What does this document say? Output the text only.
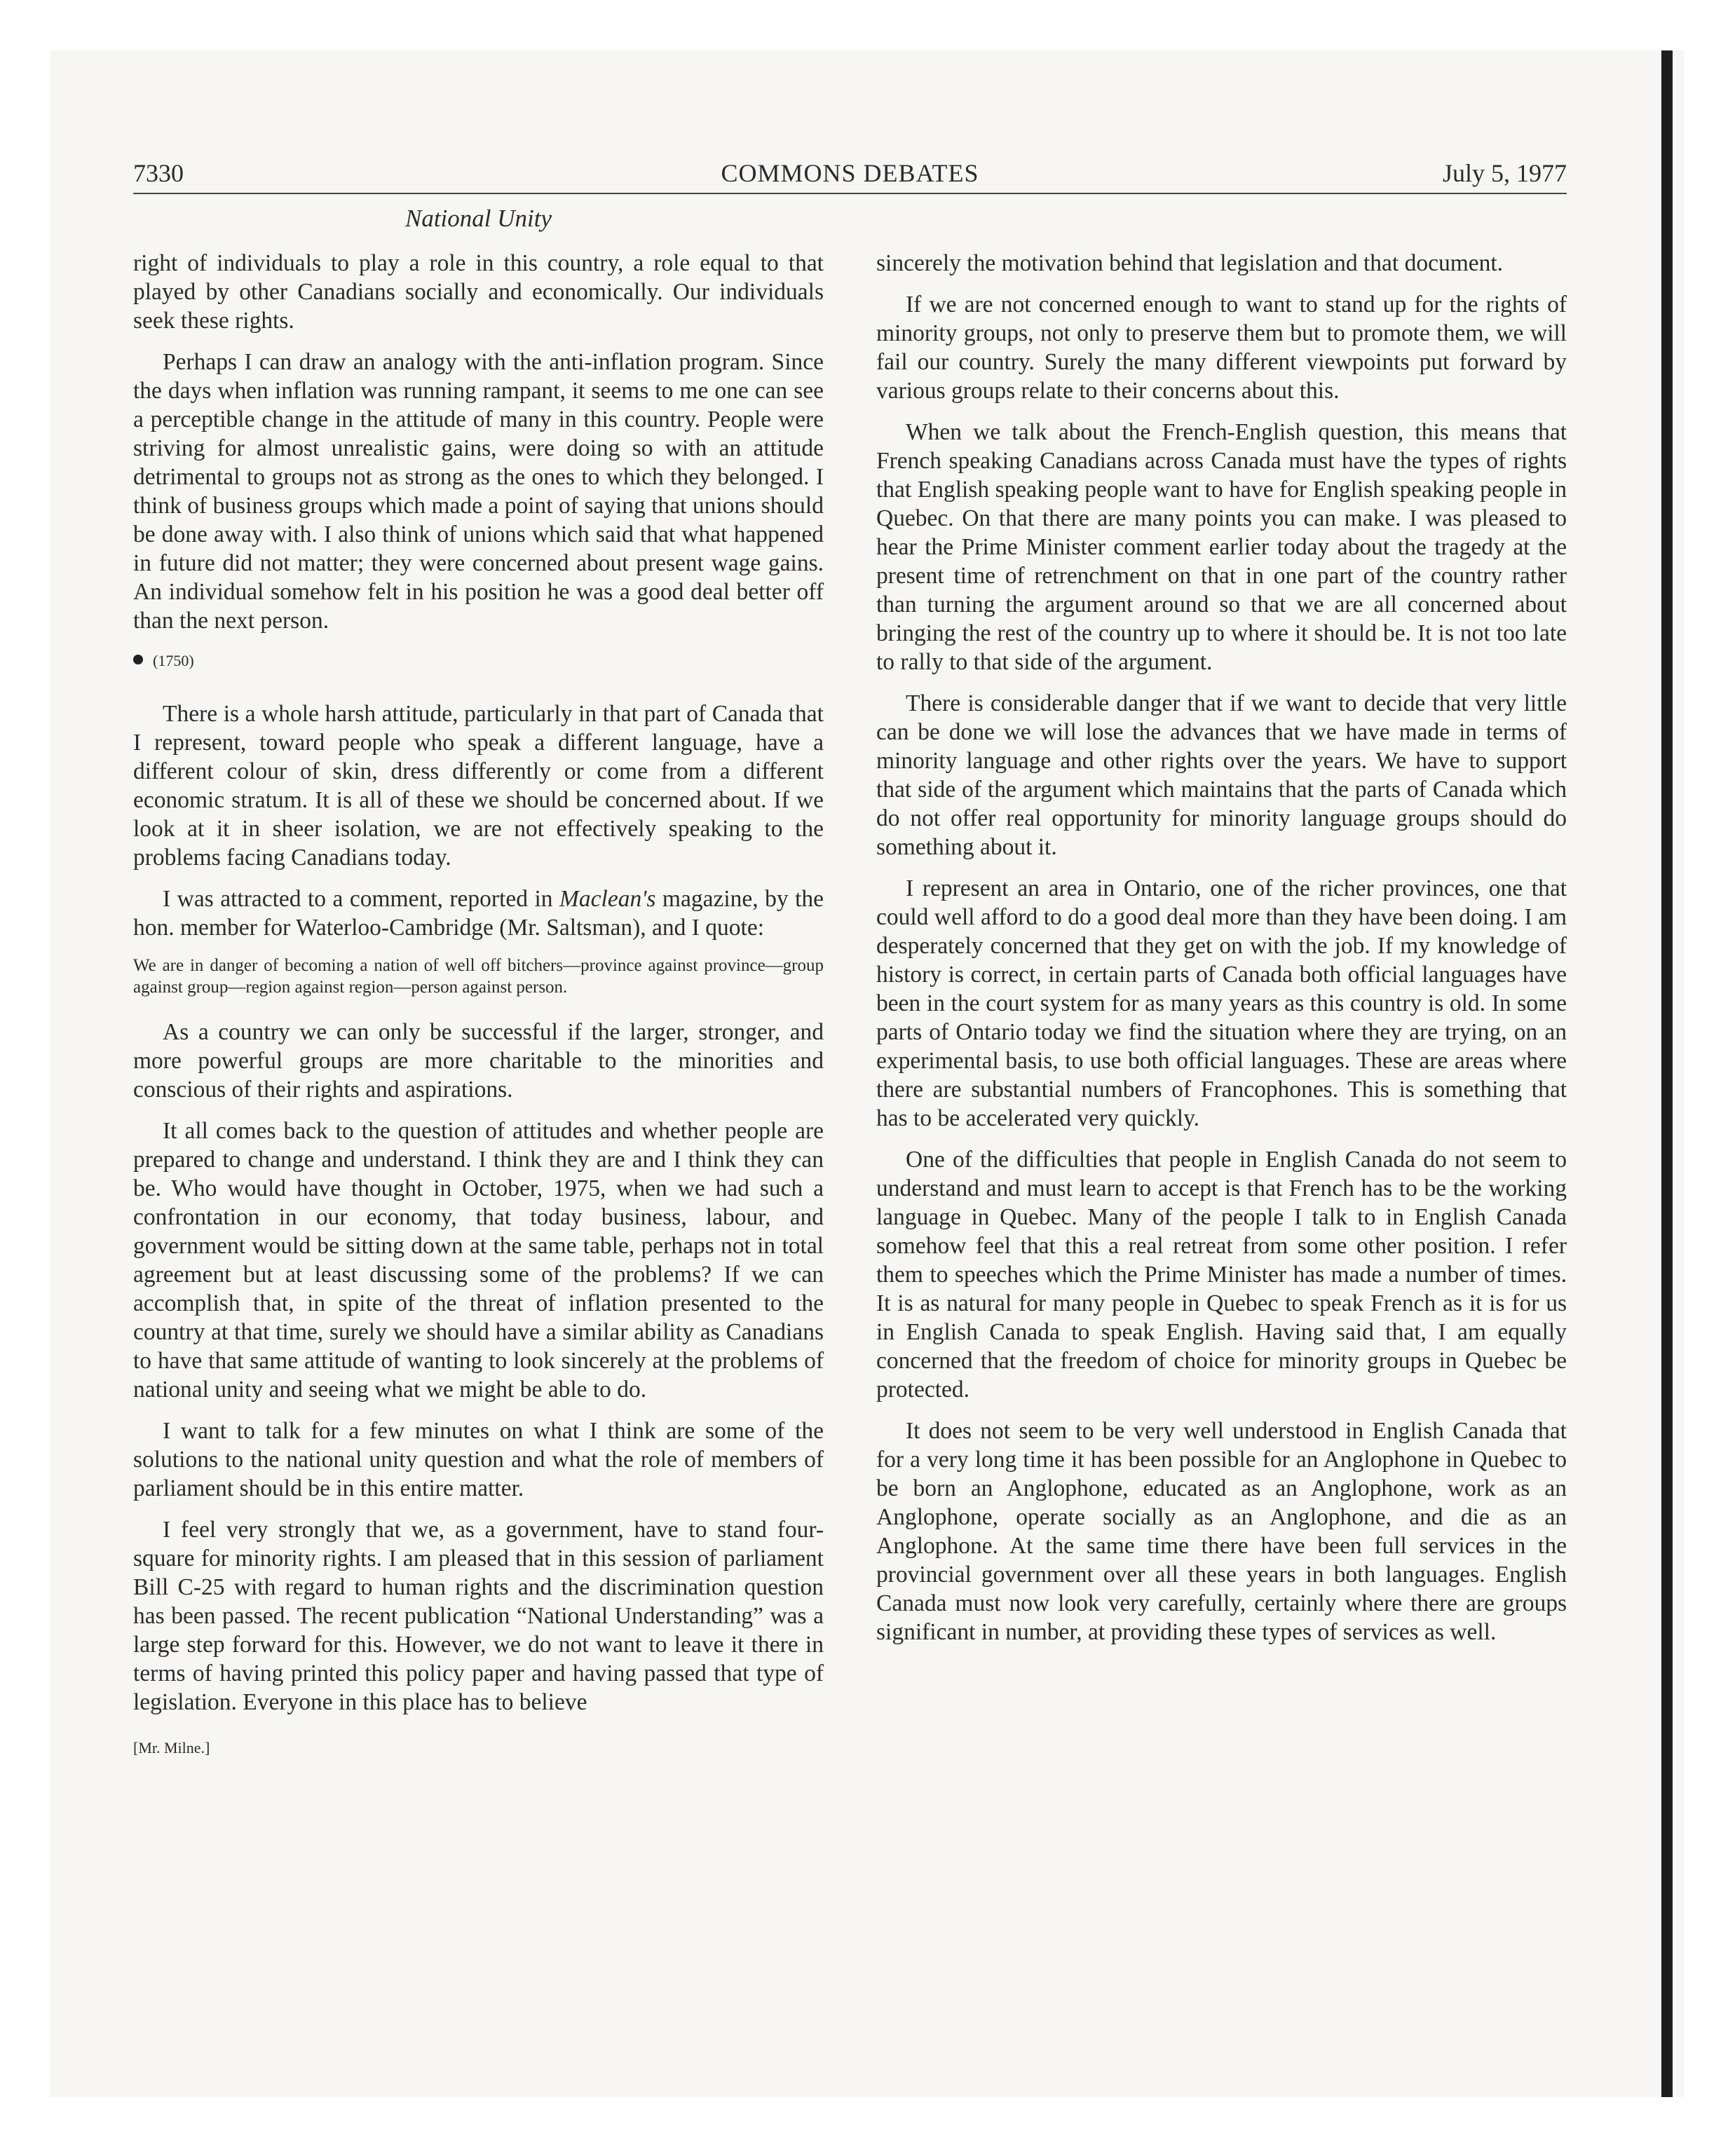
7330	COMMONS DEBATES	July 5, 1977
National Unity

right of individuals to play a role in this country, a role equal to that played by other Canadians socially and economically. Our individuals seek these rights.

Perhaps I can draw an analogy with the anti-inflation program. Since the days when inflation was running rampant, it seems to me one can see a perceptible change in the attitude of many in this country. People were striving for almost unrealistic gains, were doing so with an attitude detrimental to groups not as strong as the ones to which they belonged. I think of business groups which made a point of saying that unions should be done away with. I also think of unions which said that what happened in future did not matter; they were concerned about present wage gains. An individual somehow felt in his position he was a good deal better off than the next person.

(1750)

There is a whole harsh attitude, particularly in that part of Canada that I represent, toward people who speak a different language, have a different colour of skin, dress differently or come from a different economic stratum. It is all of these we should be concerned about. If we look at it in sheer isolation, we are not effectively speaking to the problems facing Canadians today.

I was attracted to a comment, reported in Maclean's magazine, by the hon. member for Waterloo-Cambridge (Mr. Saltsman), and I quote:

We are in danger of becoming a nation of well off bitchers—province against province—group against group—region against region—person against person.

As a country we can only be successful if the larger, stronger, and more powerful groups are more charitable to the minorities and conscious of their rights and aspirations.

It all comes back to the question of attitudes and whether people are prepared to change and understand. I think they are and I think they can be. Who would have thought in October, 1975, when we had such a confrontation in our economy, that today business, labour, and government would be sitting down at the same table, perhaps not in total agreement but at least discussing some of the problems? If we can accomplish that, in spite of the threat of inflation presented to the country at that time, surely we should have a similar ability as Canadians to have that same attitude of wanting to look sincerely at the problems of national unity and seeing what we might be able to do.

I want to talk for a few minutes on what I think are some of the solutions to the national unity question and what the role of members of parliament should be in this entire matter.

I feel very strongly that we, as a government, have to stand four-square for minority rights. I am pleased that in this session of parliament Bill C-25 with regard to human rights and the discrimination question has been passed. The recent publication “National Understanding” was a large step forward for this. However, we do not want to leave it there in terms of having printed this policy paper and having passed that type of legislation. Everyone in this place has to believe

[Mr. Milne.]

sincerely the motivation behind that legislation and that document.

If we are not concerned enough to want to stand up for the rights of minority groups, not only to preserve them but to promote them, we will fail our country. Surely the many different viewpoints put forward by various groups relate to their concerns about this.

When we talk about the French-English question, this means that French speaking Canadians across Canada must have the types of rights that English speaking people want to have for English speaking people in Quebec. On that there are many points you can make. I was pleased to hear the Prime Minister comment earlier today about the tragedy at the present time of retrenchment on that in one part of the country rather than turning the argument around so that we are all concerned about bringing the rest of the country up to where it should be. It is not too late to rally to that side of the argument.

There is considerable danger that if we want to decide that very little can be done we will lose the advances that we have made in terms of minority language and other rights over the years. We have to support that side of the argument which maintains that the parts of Canada which do not offer real opportunity for minority language groups should do something about it.

I represent an area in Ontario, one of the richer provinces, one that could well afford to do a good deal more than they have been doing. I am desperately concerned that they get on with the job. If my knowledge of history is correct, in certain parts of Canada both official languages have been in the court system for as many years as this country is old. In some parts of Ontario today we find the situation where they are trying, on an experimental basis, to use both official languages. These are areas where there are substantial numbers of Francophones. This is something that has to be accelerated very quickly.

One of the difficulties that people in English Canada do not seem to understand and must learn to accept is that French has to be the working language in Quebec. Many of the people I talk to in English Canada somehow feel that this a real retreat from some other position. I refer them to speeches which the Prime Minister has made a number of times. It is as natural for many people in Quebec to speak French as it is for us in English Canada to speak English. Having said that, I am equally concerned that the freedom of choice for minority groups in Quebec be protected.

It does not seem to be very well understood in English Canada that for a very long time it has been possible for an Anglophone in Quebec to be born an Anglophone, educated as an Anglophone, work as an Anglophone, operate socially as an Anglophone, and die as an Anglophone. At the same time there have been full services in the provincial government over all these years in both languages. English Canada must now look very carefully, certainly where there are groups significant in number, at providing these types of services as well.
